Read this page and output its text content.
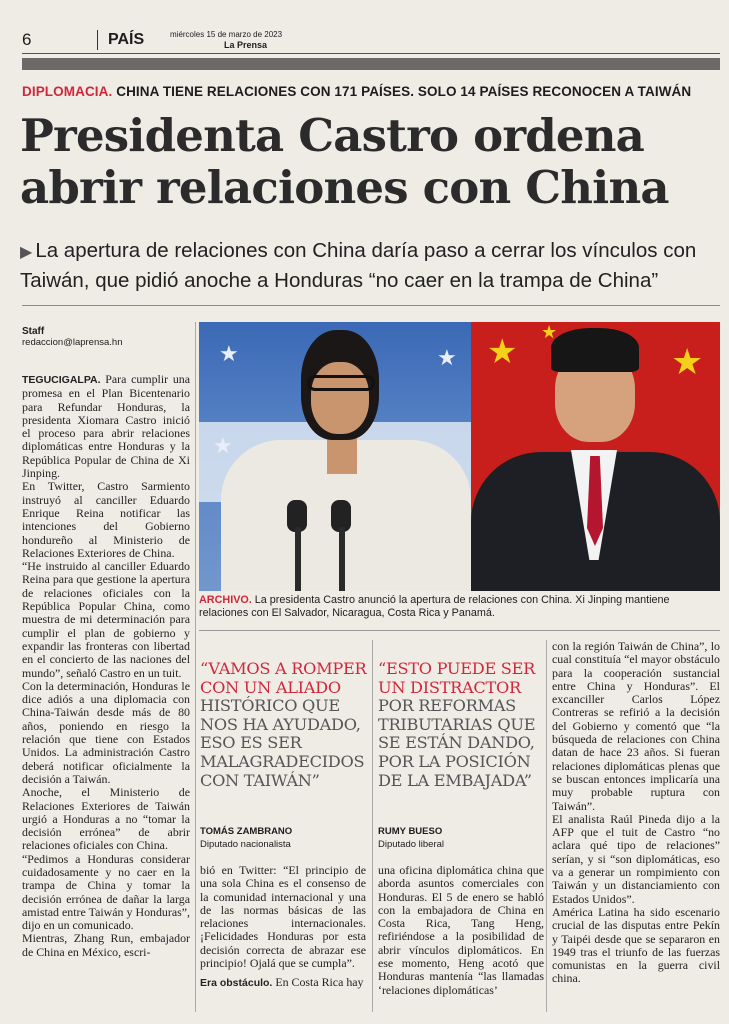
6	PAÍS	miércoles 15 de marzo de 2023
La Prensa
DIPLOMACIA. CHINA TIENE RELACIONES CON 171 PAÍSES. SOLO 14 PAÍSES RECONOCEN A TAIWÁN
Presidenta Castro ordena
abrir relaciones con China
▶ La apertura de relaciones con China daría paso a cerrar los vínculos con Taiwán, que pidió anoche a Honduras “no caer en la trampa de China”
Staff
redaccion@laprensa.hn

TEGUCIGALPA. Para cumplir una promesa en el Plan Bicentenario para Refundar Honduras, la presidenta Xiomara Castro inició el proceso para abrir relaciones diplomáticas entre Honduras y la República Popular de China de Xi Jinping.

En Twitter, Castro Sarmiento instruyó al canciller Eduardo Enrique Reina notificar las intenciones del Gobierno hondureño al Ministerio de Relaciones Exteriores de China.

“He instruido al canciller Eduardo Reina para que gestione la apertura de relaciones oficiales con la República Popular China, como muestra de mi determinación para cumplir el plan de gobierno y expandir las fronteras con libertad en el concierto de las naciones del mundo”, señaló Castro en un tuit.

Con la determinación, Honduras le dice adiós a una diplomacia con China-Taiwán desde más de 80 años, poniendo en riesgo la relación que tiene con Estados Unidos. La administración Castro deberá notificar oficialmente la decisión a Taiwán.

Anoche, el Ministerio de Relaciones Exteriores de Taiwán urgió a Honduras a no “tomar la decisión errónea” de abrir relaciones oficiales con China.

“Pedimos a Honduras considerar cuidadosamente y no caer en la trampa de China y tomar la decisión errónea de dañar la larga amistad entre Taiwán y Honduras”, dijo en un comunicado.

Mientras, Zhang Run, embajador de China en México, escri-

★
★	★ ★ ★
★
ARCHIVO. La presidenta Castro anunció la apertura de relaciones con China. Xi Jinping mantiene relaciones con El Salvador, Nicaragua, Costa Rica y Panamá.
“VAMOS A ROMPER CON UN ALIADO HISTÓRICO QUE NOS HA AYUDADO, ESO ES SER MALAGRADECIDOS CON TAIWÁN”
TOMÁS ZAMBRANO
Diputado nacionalista
“ESTO PUEDE SER UN DISTRACTOR POR REFORMAS TRIBUTARIAS QUE SE ESTÁN DANDO, POR LA POSICIÓN DE LA EMBAJADA”
RUMY BUESO
Diputado liberal

bió en Twitter: “El principio de una sola China es el consenso de la comunidad internacional y una de las normas básicas de las relaciones internacionales. ¡Felicidades Honduras por esta decisión correcta de abrazar ese principio! Ojalá que se cumpla”.

Era obstáculo. En Costa Rica hay

una oficina diplomática china que aborda asuntos comerciales con Honduras. El 5 de enero se habló con la embajadora de China en Costa Rica, Tang Heng, refiriéndose a la posibilidad de abrir vínculos diplomáticos. En ese momento, Heng acotó que Honduras mantenía “las llamadas ‘relaciones diplomáticas’

con la región Taiwán de China”, lo cual constituía “el mayor obstáculo para la cooperación sustancial entre China y Honduras”. El excanciller Carlos López Contreras se refirió a la decisión del Gobierno y comentó que “la búsqueda de relaciones con China datan de hace 23 años. Si fueran relaciones diplomáticas plenas que se buscan entonces implicaría una muy probable ruptura con Taiwán”.

El analista Raúl Pineda dijo a la AFP que el tuit de Castro “no aclara qué tipo de relaciones” serían, y si “son diplomáticas, eso va a generar un rompimiento con Taiwán y un distanciamiento con Estados Unidos”.

América Latina ha sido escenario crucial de las disputas entre Pekín y Taipéi desde que se separaron en 1949 tras el triunfo de las fuerzas comunistas en la guerra civil china.
